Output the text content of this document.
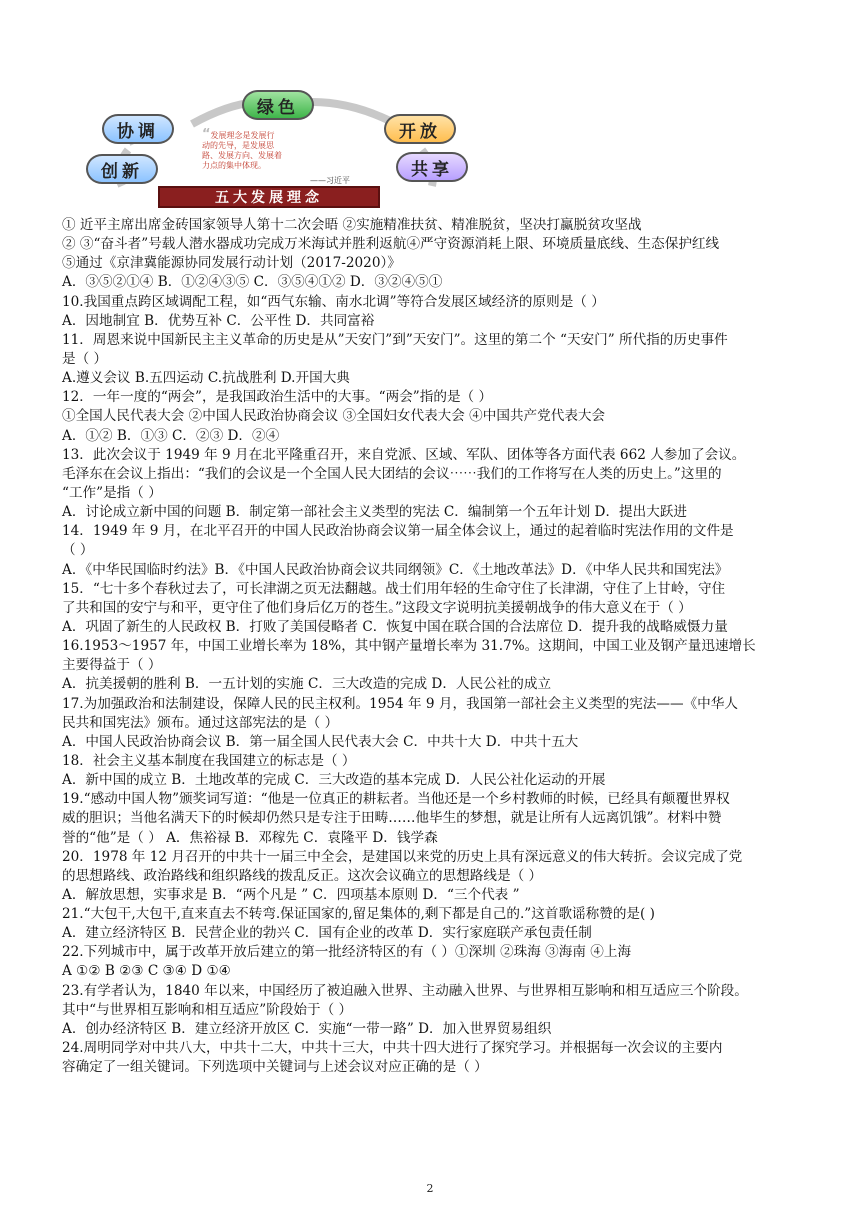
绿色
协调	开放
创新	共享
“发展理念是发展行
动的先导，是发展思
路、发展方向、发展着
力点的集中体现。
——习近平
五大发展理念
① 近平主席出席金砖国家领导人第十二次会晤 ②实施精准扶贫、精准脱贫，坚决打赢脱贫攻坚战
② ③“奋斗者”号载人潜水器成功完成万米海试并胜利返航④严守资源消耗上限、环境质量底线、生态保护红线
⑤通过《京津冀能源协同发展行动计划（2017-2020）》
A．③⑤②①④ B．①②④③⑤ C．③⑤④①② D．③②④⑤①
10.我国重点跨区域调配工程，如“西气东输、南水北调”等符合发展区域经济的原则是（ ）
A．因地制宜 B．优势互补 C．公平性 D．共同富裕
11．周恩来说中国新民主主义革命的历史是从”天安门”到”天安门”。这里的第二个 “天安门” 所代指的历史事件
是（ ）
A.遵义会议 B.五四运动 C.抗战胜利 D.开国大典
12．一年一度的“两会”，是我国政治生活中的大事。“两会”指的是（ ）
①全国人民代表大会 ②中国人民政治协商会议 ③全国妇女代表大会 ④中国共产党代表大会
A．①② B．①③ C．②③ D．②④
13．此次会议于 1949 年 9 月在北平隆重召开，来自党派、区域、军队、团体等各方面代表 662 人参加了会议。
毛泽东在会议上指出：“我们的会议是一个全国人民大团结的会议⋯⋯我们的工作将写在人类的历史上。”这里的
“工作”是指（ ）
A．讨论成立新中国的问题 B．制定第一部社会主义类型的宪法 C．编制第一个五年计划 D．提出大跃进
14．1949 年 9 月，在北平召开的中国人民政治协商会议第一届全体会议上，通过的起着临时宪法作用的文件是
（ ）
A．《中华民国临时约法》B．《中国人民政治协商会议共同纲领》C．《土地改革法》D．《中华人民共和国宪法》
15．“七十多个春秋过去了，可长津湖之页无法翻越。战士们用年轻的生命守住了长津湖，守住了上甘岭，守住
了共和国的安宁与和平，更守住了他们身后亿万的苍生。”这段文字说明抗美援朝战争的伟大意义在于（ ）
A．巩固了新生的人民政权 B．打败了美国侵略者 C．恢复中国在联合国的合法席位 D．提升我的战略威慑力量
16.1953～1957 年，中国工业增长率为 18%，其中钢产量增长率为 31.7%。这期间，中国工业及钢产量迅速增长
主要得益于（ ）
A．抗美援朝的胜利 B．一五计划的实施 C．三大改造的完成 D．人民公社的成立
17.为加强政治和法制建设，保障人民的民主权利。1954 年 9 月，我国第一部社会主义类型的宪法——《中华人
民共和国宪法》颁布。通过这部宪法的是（ ）
A．中国人民政治协商会议 B．第一届全国人民代表大会 C．中共十大 D．中共十五大
18．社会主义基本制度在我国建立的标志是（ ）
A．新中国的成立 B．土地改革的完成 C．三大改造的基本完成 D．人民公社化运动的开展
19.“感动中国人物”颁奖词写道：“他是一位真正的耕耘者。当他还是一个乡村教师的时候，已经具有颠覆世界权
威的胆识；当他名满天下的时候却仍然只是专注于田畴……他毕生的梦想，就是让所有人远离饥饿”。材料中赞
誉的“他”是（ ） A．焦裕禄 B．邓稼先 C．袁隆平 D．钱学森
20．1978 年 12 月召开的中共十一届三中全会，是建国以来党的历史上具有深远意义的伟大转折。会议完成了党
的思想路线、政治路线和组织路线的拨乱反正。这次会议确立的思想路线是（ ）
A．解放思想，实事求是 B．“两个凡是 ” C．四项基本原则 D．“三个代表 ”
21.“大包干,大包干,直来直去不转弯.保证国家的,留足集体的,剩下都是自己的.”这首歌谣称赞的是( )
A．建立经济特区 B．民营企业的勃兴 C．国有企业的改革 D．实行家庭联产承包责任制
22.下列城市中，属于改革开放后建立的第一批经济特区的有（ ）①深圳 ②珠海 ③海南 ④上海
A ①② B ②③ C ③④ D ①④
23.有学者认为，1840 年以来，中国经历了被迫融入世界、主动融入世界、与世界相互影响和相互适应三个阶段。
其中“与世界相互影响和相互适应”阶段始于（ ）
A．创办经济特区 B．建立经济开放区 C．实施“一带一路” D．加入世界贸易组织
24.周明同学对中共八大，中共十二大，中共十三大，中共十四大进行了探究学习。并根据每一次会议的主要内
容确定了一组关键词。下列选项中关键词与上述会议对应正确的是（ ）
2
